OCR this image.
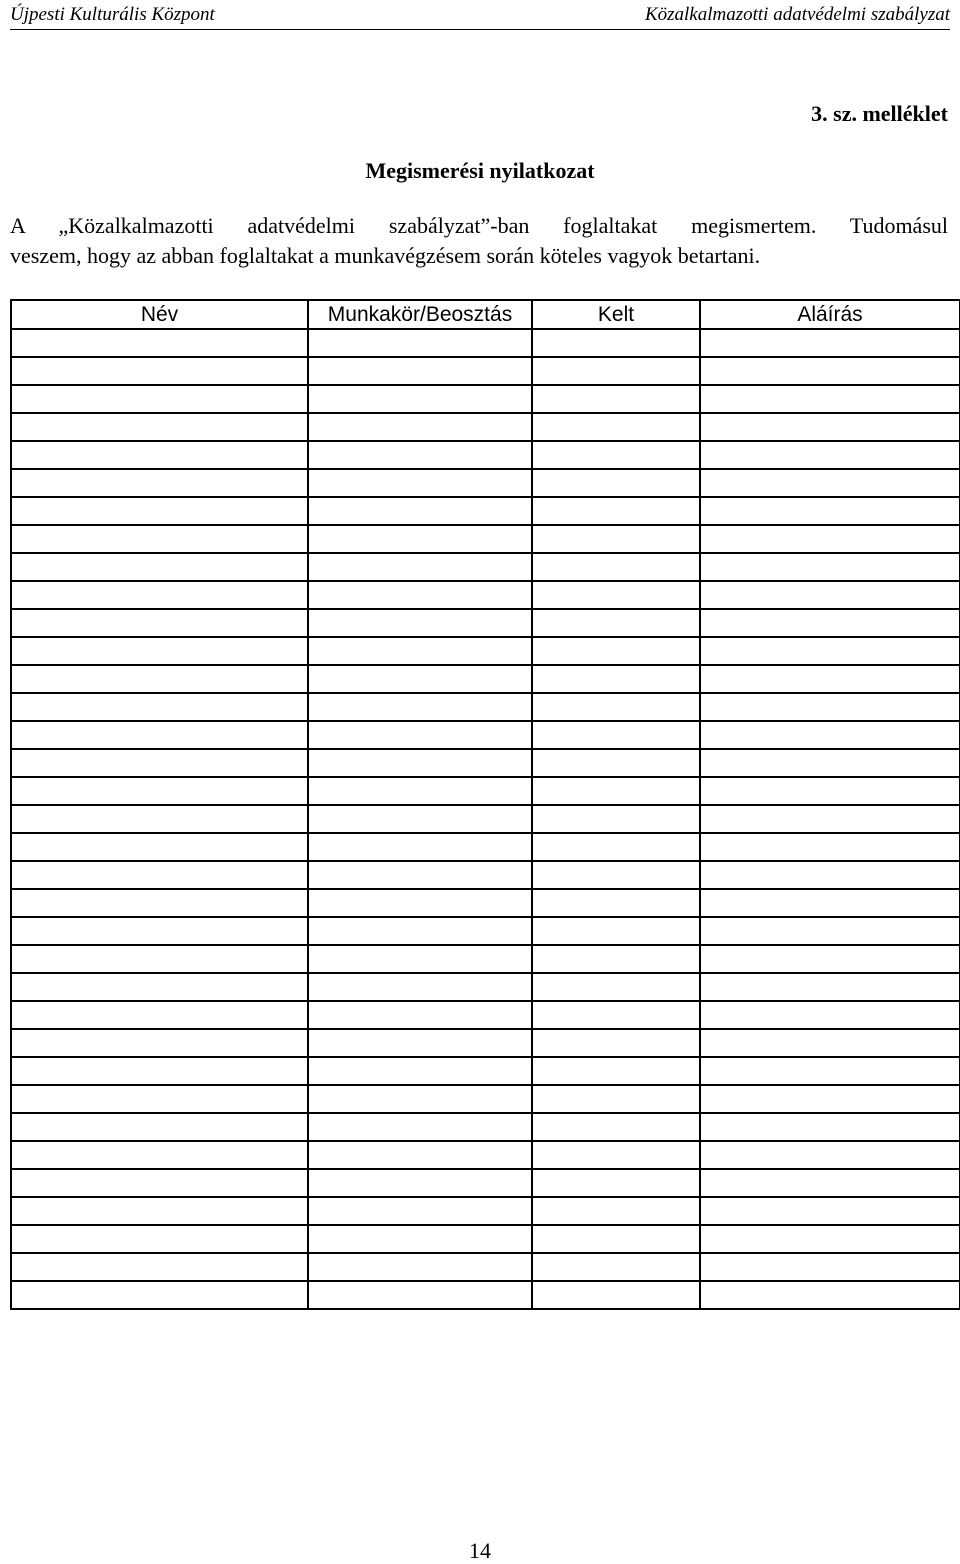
Újpesti Kulturális Központ	Közalkalmazotti adatvédelmi szabályzat
3. sz. melléklet
Megismerési nyilatkozat
A „Közalkalmazotti adatvédelmi szabályzat”-ban foglaltakat megismertem. Tudomásul
veszem, hogy az abban foglaltakat a munkavégzésem során köteles vagyok betartani.
Név	Munkakör/Beosztás	Kelt	Aláírás

14
